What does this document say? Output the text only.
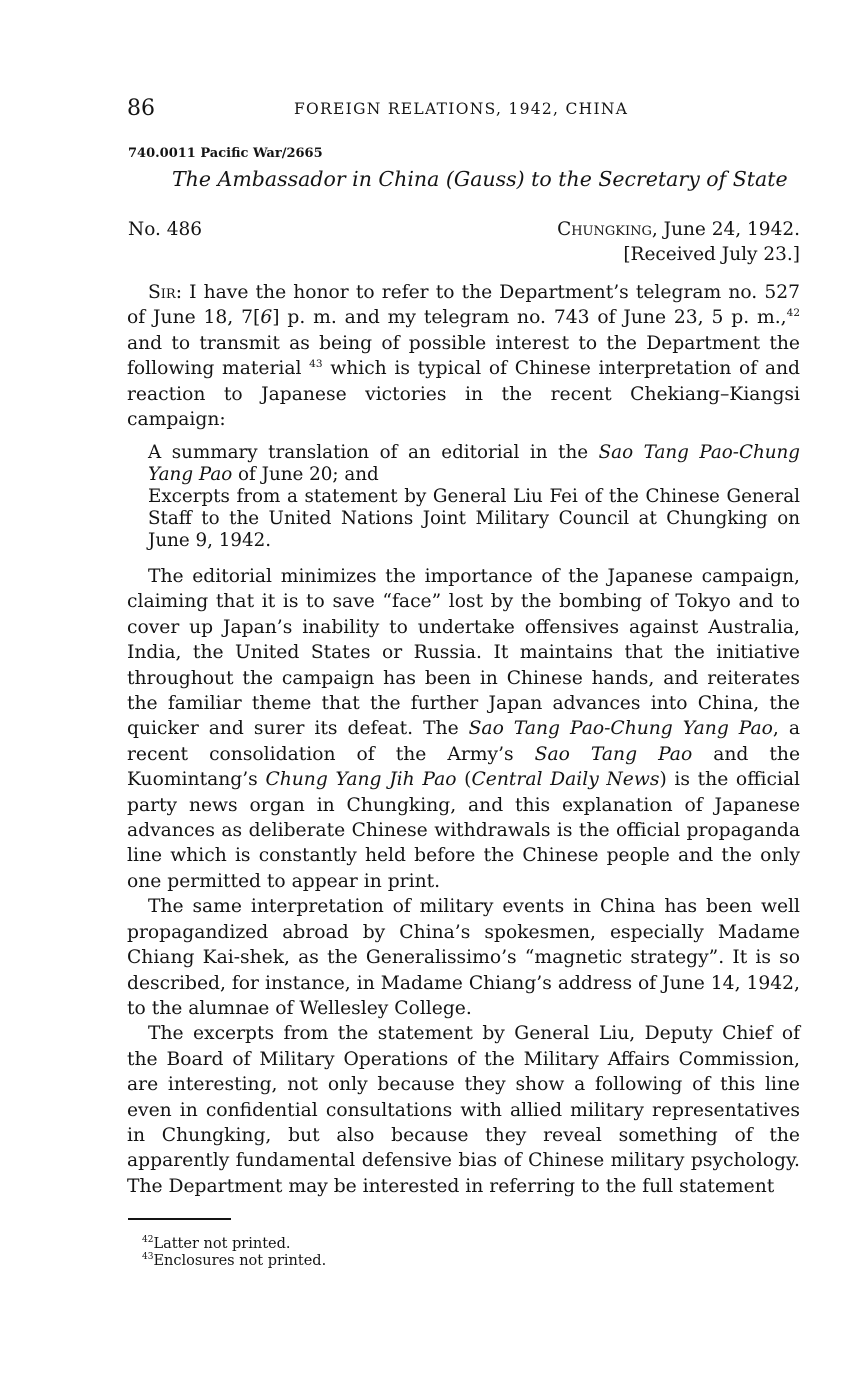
86	FOREIGN RELATIONS, 1942, CHINA
740.0011 Pacific War/2665
The Ambassador in China (Gauss) to the Secretary of State
No. 486	Chungking, June 24, 1942.
[Received July 23.]

Sir: I have the honor to refer to the Department’s telegram no. 527 of June 18, 7[6] p. m. and my telegram no. 743 of June 23, 5 p. m.,$^{42}$ and to transmit as being of possible interest to the Department the following material $^{43}$ which is typical of Chinese interpretation of and reaction to Japanese victories in the recent Chekiang–Kiangsi campaign:

A summary translation of an editorial in the Sao Tang Pao-Chung Yang Pao of June 20; and

Excerpts from a statement by General Liu Fei of the Chinese General Staff to the United Nations Joint Military Council at Chungking on June 9, 1942.

The editorial minimizes the importance of the Japanese campaign, claiming that it is to save “face” lost by the bombing of Tokyo and to cover up Japan’s inability to undertake offensives against Australia, India, the United States or Russia. It maintains that the initiative throughout the campaign has been in Chinese hands, and reiterates the familiar theme that the further Japan advances into China, the quicker and surer its defeat. The Sao Tang Pao-Chung Yang Pao, a recent consolidation of the Army’s Sao Tang Pao and the Kuomintang’s Chung Yang Jih Pao (Central Daily News) is the official party news organ in Chungking, and this explanation of Japanese advances as deliberate Chinese withdrawals is the official propaganda line which is constantly held before the Chinese people and the only one permitted to appear in print.

The same interpretation of military events in China has been well propagandized abroad by China’s spokesmen, especially Madame Chiang Kai-shek, as the Generalissimo’s “magnetic strategy”. It is so described, for instance, in Madame Chiang’s address of June 14, 1942, to the alumnae of Wellesley College.

The excerpts from the statement by General Liu, Deputy Chief of the Board of Military Operations of the Military Affairs Commission, are interesting, not only because they show a following of this line even in confidential consultations with allied military representatives in Chungking, but also because they reveal something of the apparently fundamental defensive bias of Chinese military psychology. The Department may be interested in referring to the full statement

$^{42}$Latter not printed.
$^{43}$Enclosures not printed.
